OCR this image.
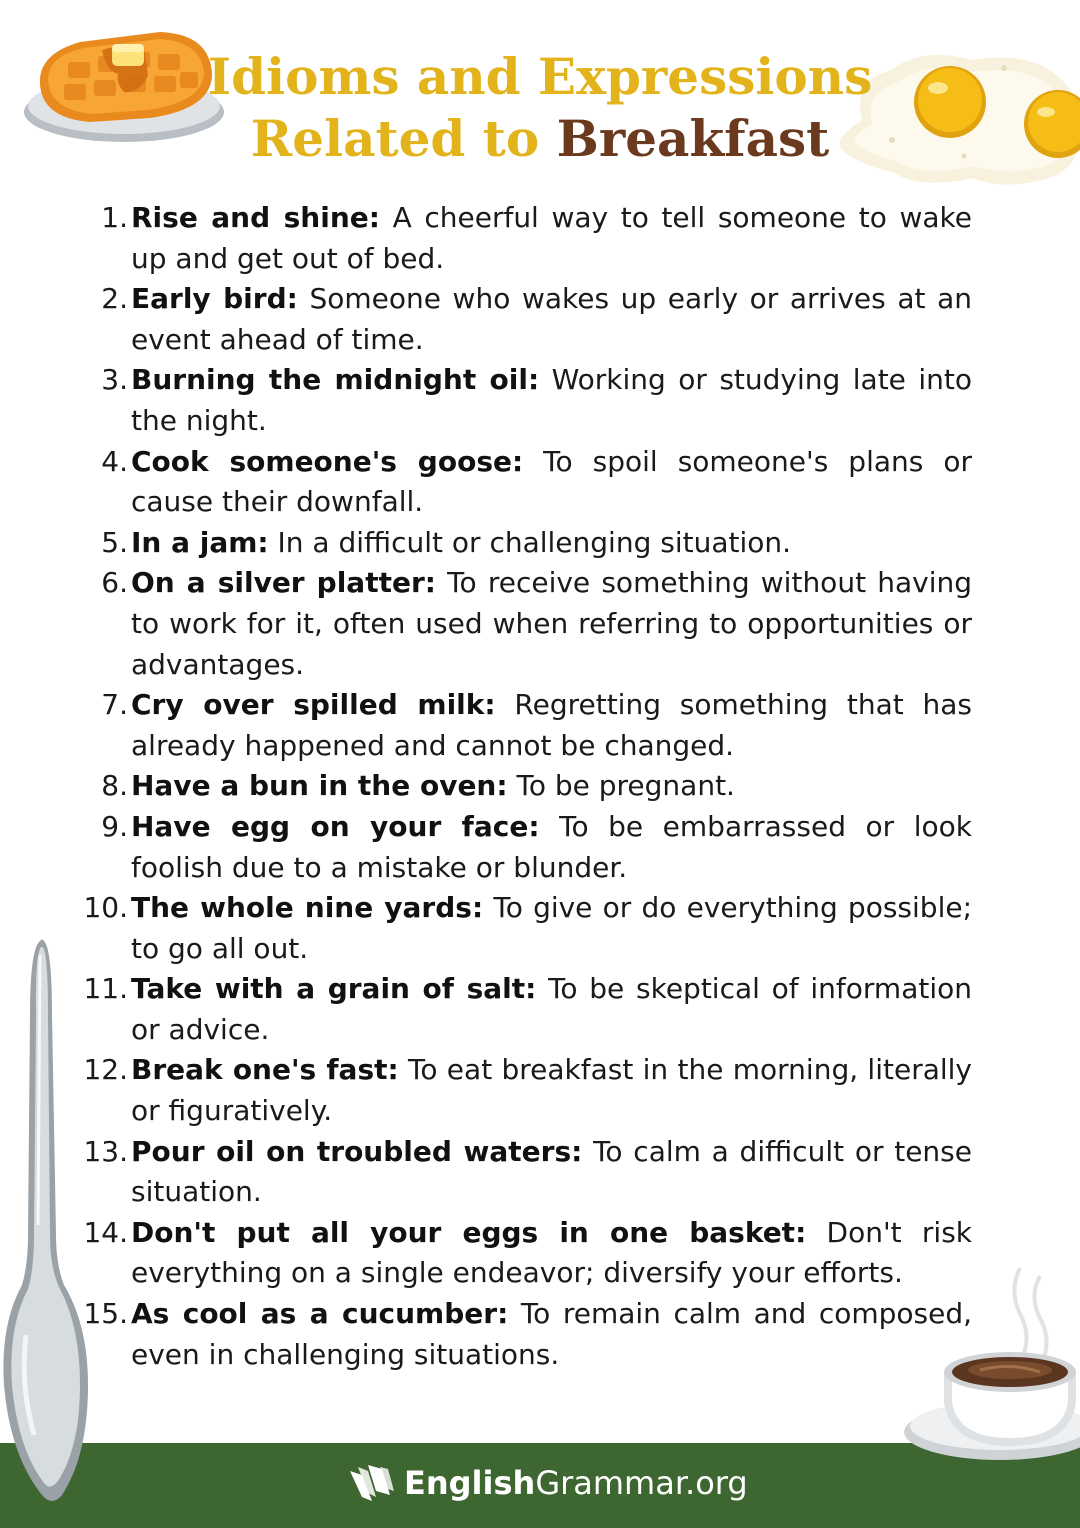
Idioms and Expressions
Related to Breakfast
1. Rise and shine: A cheerful way to tell someone to wake up and get out of bed.
2. Early bird: Someone who wakes up early or arrives at an event ahead of time.
3. Burning the midnight oil: Working or studying late into the night.
4. Cook someone's goose: To spoil someone's plans or cause their downfall.
5. In a jam: In a difficult or challenging situation.
6. On a silver platter: To receive something without having to work for it, often used when referring to opportunities or advantages.
7. Cry over spilled milk: Regretting something that has already happened and cannot be changed.
8. Have a bun in the oven: To be pregnant.
9. Have egg on your face: To be embarrassed or look foolish due to a mistake or blunder.
10. The whole nine yards: To give or do everything possible; to go all out.
11. Take with a grain of salt: To be skeptical of information or advice.
12. Break one's fast: To eat breakfast in the morning, literally or figuratively.
13. Pour oil on troubled waters: To calm a difficult or tense situation.
14. Don't put all your eggs in one basket: Don't risk everything on a single endeavor; diversify your efforts.
15. As cool as a cucumber: To remain calm and composed, even in challenging situations.
EnglishGrammar.org
